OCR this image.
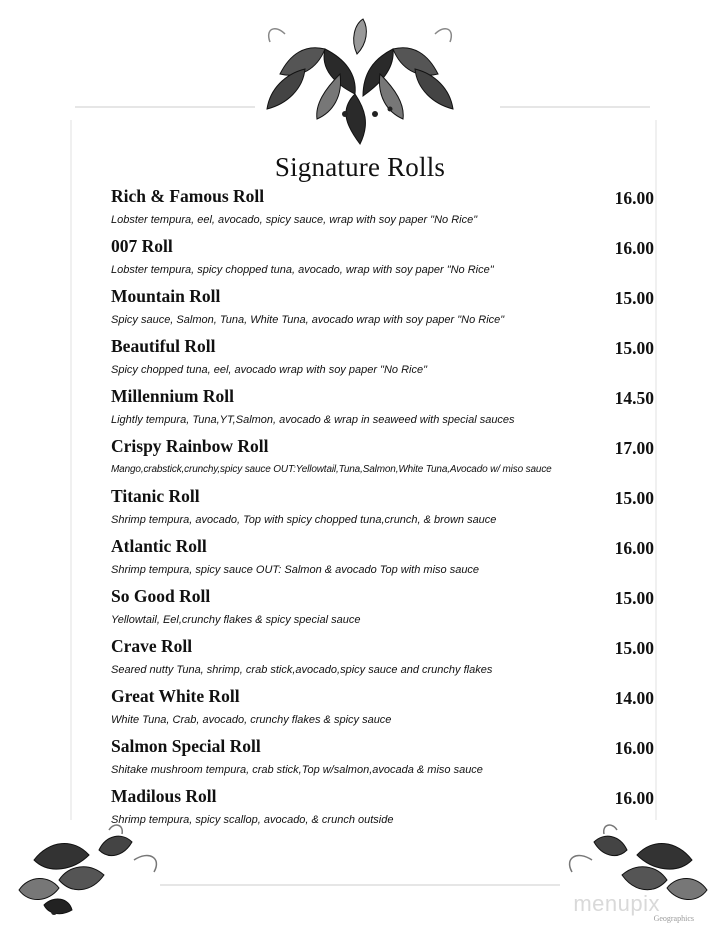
Signature Rolls
Rich & Famous Roll	16.00
Lobster tempura, eel, avocado, spicy sauce, wrap with soy paper "No Rice"
007 Roll	16.00
Lobster tempura, spicy chopped tuna, avocado, wrap with soy paper "No Rice"
Mountain Roll	15.00
Spicy sauce, Salmon, Tuna, White Tuna, avocado wrap with soy paper "No Rice"
Beautiful Roll	15.00
Spicy chopped tuna, eel, avocado wrap with soy paper "No Rice"
Millennium Roll	14.50
Lightly tempura, Tuna,YT,Salmon, avocado & wrap in seaweed with special sauces
Crispy Rainbow Roll	17.00
Mango,crabstick,crunchy,spicy sauce OUT:Yellowtail,Tuna,Salmon,White Tuna,Avocado w/ miso sauce
Titanic Roll	15.00
Shrimp tempura, avocado, Top with spicy chopped tuna,crunch, & brown sauce
Atlantic Roll	16.00
Shrimp tempura, spicy sauce OUT: Salmon & avocado Top with miso sauce
So Good Roll	15.00
Yellowtail, Eel,crunchy flakes & spicy special sauce
Crave Roll	15.00
Seared nutty Tuna, shrimp, crab stick,avocado,spicy sauce and crunchy flakes
Great White Roll	14.00
White Tuna, Crab, avocado, crunchy flakes & spicy sauce
Salmon Special Roll	16.00
Shitake mushroom tempura, crab stick,Top w/salmon,avocada & miso sauce
Madilous Roll	16.00
Shrimp tempura, spicy scallop, avocado, & crunch outside
menupix
Geographics
